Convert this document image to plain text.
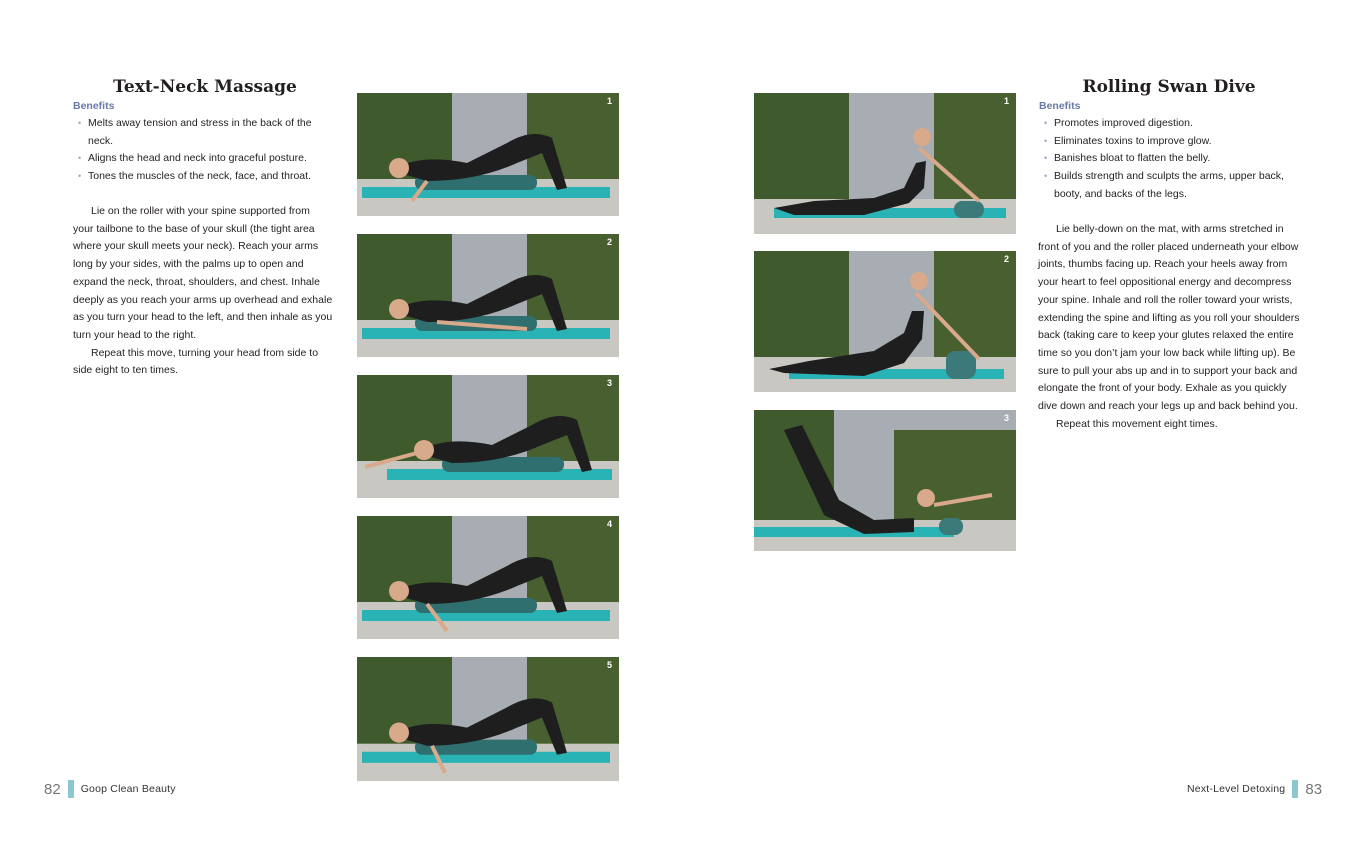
Text-Neck Massage
Benefits
• Melts away tension and stress in the back of the neck.
• Aligns the head and neck into graceful posture.
• Tones the muscles of the neck, face, and throat.

Lie on the roller with your spine supported from your tailbone to the base of your skull (the tight area where your skull meets your neck). Reach your arms long by your sides, with the palms up to open and expand the neck, throat, shoulders, and chest. Inhale deeply as you reach your arms up overhead and exhale as you turn your head to the left, and then inhale as you turn your head to the right.

Repeat this move, turning your head from side to side eight to ten times.

1
2
3
4
5
82 Goop Clean Beauty
1
2
3
Rolling Swan Dive
Benefits
• Promotes improved digestion.
• Eliminates toxins to improve glow.
• Banishes bloat to flatten the belly.
• Builds strength and sculpts the arms, upper back, booty, and backs of the legs.

Lie belly-down on the mat, with arms stretched in front of you and the roller placed underneath your elbow joints, thumbs facing up. Reach your heels away from your heart to feel oppositional energy and decompress your spine. Inhale and roll the roller toward your wrists, extending the spine and lifting as you roll your shoulders back (taking care to keep your glutes relaxed the entire time so you don’t jam your low back while lifting up). Be sure to pull your abs up and in to support your back and elongate the front of your body. Exhale as you quickly dive down and reach your legs up and back behind you.

Repeat this movement eight times.

Next-Level Detoxing 83
